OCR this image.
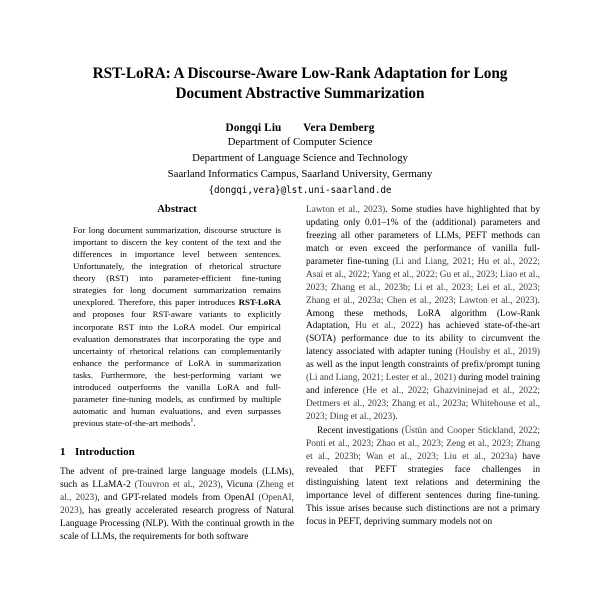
RST-LoRA: A Discourse-Aware Low-Rank Adaptation for Long Document Abstractive Summarization
Dongqi Liu Vera Demberg
Department of Computer Science
Department of Language Science and Technology
Saarland Informatics Campus, Saarland University, Germany
{dongqi,vera}@lst.uni-saarland.de
Abstract

For long document summarization, discourse structure is important to discern the key content of the text and the differences in importance level between sentences. Unfortunately, the integration of rhetorical structure theory (RST) into parameter-efficient fine-tuning strategies for long document summarization remains unexplored. Therefore, this paper introduces RST-LoRA and proposes four RST-aware variants to explicitly incorporate RST into the LoRA model. Our empirical evaluation demonstrates that incorporating the type and uncertainty of rhetorical relations can complementarily enhance the performance of LoRA in summarization tasks. Furthermore, the best-performing variant we introduced outperforms the vanilla LoRA and full-parameter fine-tuning models, as confirmed by multiple automatic and human evaluations, and even surpasses previous state-of-the-art methods$^1$.

1 Introduction

The advent of pre-trained large language models (LLMs), such as LLaMA-2 (Touvron et al., 2023), Vicuna (Zheng et al., 2023), and GPT-related models from OpenAI (OpenAI, 2023), has greatly accelerated research progress of Natural Language Processing (NLP). With the continual growth in the scale of LLMs, the requirements for both software

Lawton et al., 2023). Some studies have highlighted that by updating only 0.01–1% of the (additional) parameters and freezing all other parameters of LLMs, PEFT methods can match or even exceed the performance of vanilla full-parameter fine-tuning (Li and Liang, 2021; Hu et al., 2022; Asai et al., 2022; Yang et al., 2022; Gu et al., 2023; Liao et al., 2023; Zhang et al., 2023b; Li et al., 2023; Lei et al., 2023; Zhang et al., 2023a; Chen et al., 2023; Lawton et al., 2023). Among these methods, LoRA algorithm (Low-Rank Adaptation, Hu et al., 2022) has achieved state-of-the-art (SOTA) performance due to its ability to circumvent the latency associated with adapter tuning (Houlsby et al., 2019) as well as the input length constraints of prefix/prompt tuning (Li and Liang, 2021; Lester et al., 2021) during model training and inference (He et al., 2022; Ghazvininejad et al., 2022; Dettmers et al., 2023; Zhang et al., 2023a; Whitehouse et al., 2023; Ding et al., 2023).

Recent investigations (Üstün and Cooper Stickland, 2022; Ponti et al., 2023; Zhao et al., 2023; Zeng et al., 2023; Zhang et al., 2023b; Wan et al., 2023; Liu et al., 2023a) have revealed that PEFT strategies face challenges in distinguishing latent text relations and determining the importance level of different sentences during fine-tuning. This issue arises because such distinctions are not a primary focus in PEFT, depriving summary models not on
